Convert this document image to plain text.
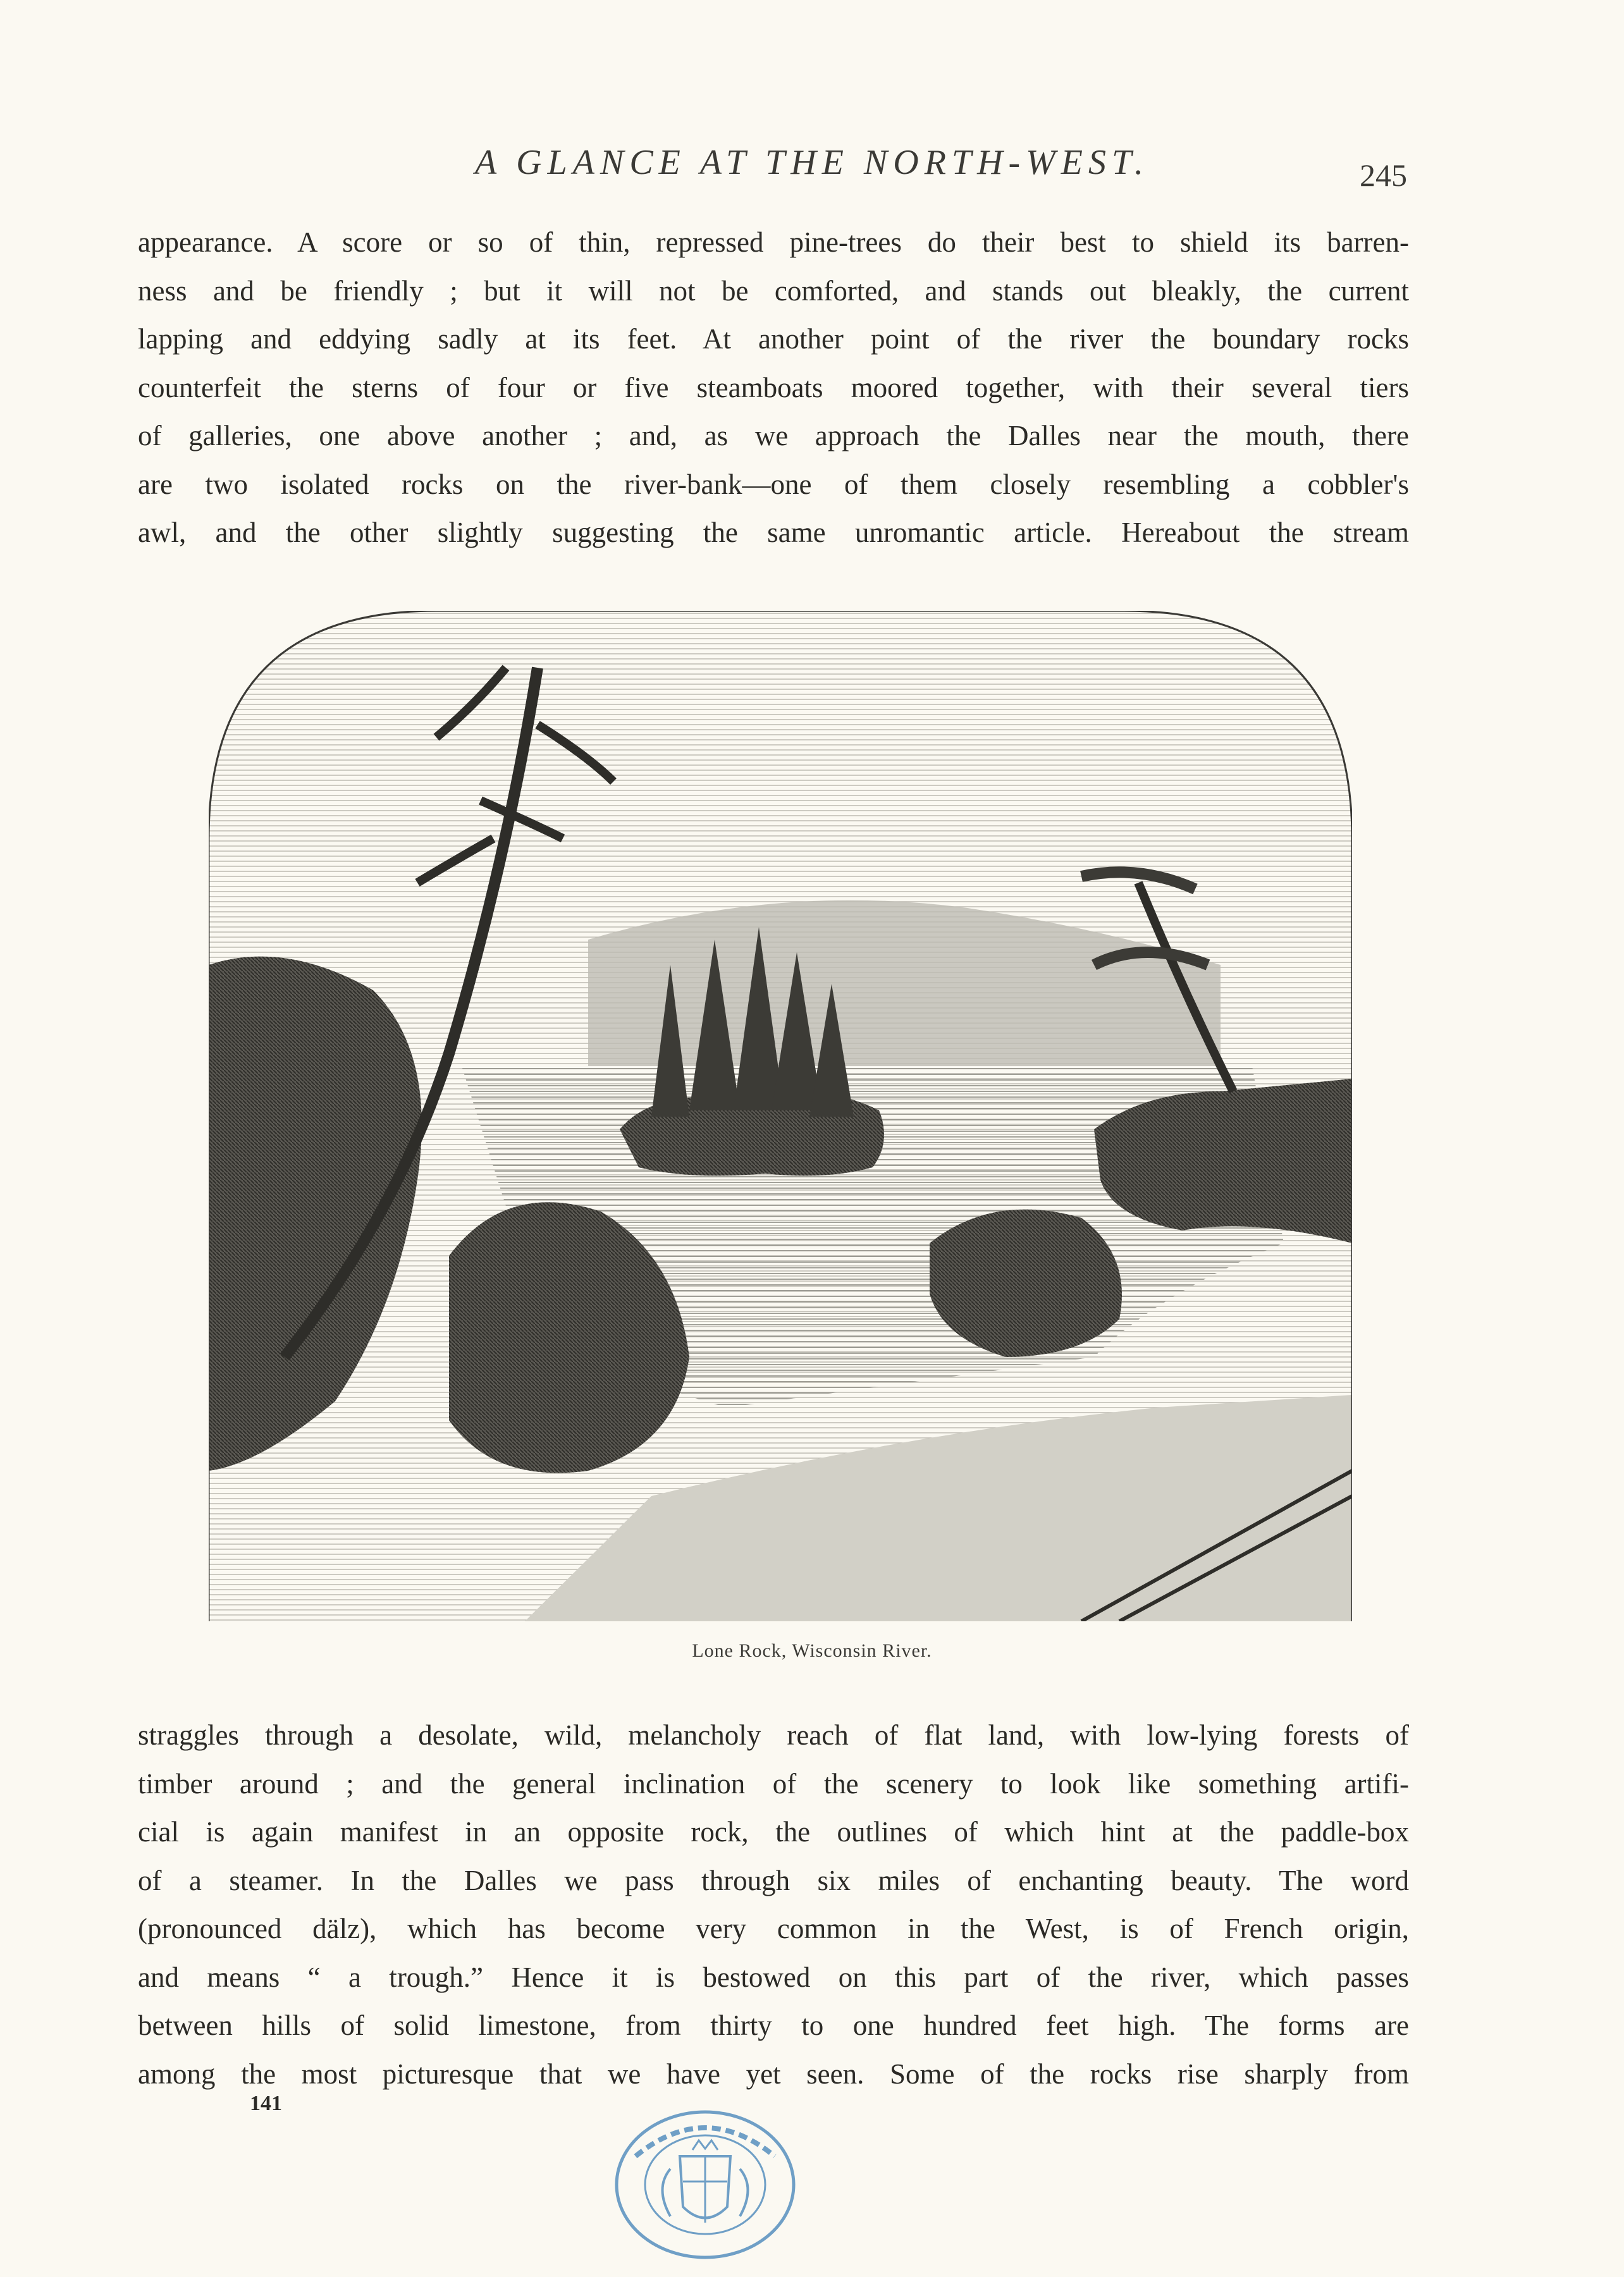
A GLANCE AT THE NORTH-WEST.	245
appearance. A score or so of thin, repressed pine-trees do their best to shield its barren-
ness and be friendly ; but it will not be comforted, and stands out bleakly, the current
lapping and eddying sadly at its feet. At another point of the river the boundary rocks
counterfeit the sterns of four or five steamboats moored together, with their several tiers
of galleries, one above another ; and, as we approach the Dalles near the mouth, there
are two isolated rocks on the river-bank—one of them closely resembling a cobbler's
awl, and the other slightly suggesting the same unromantic article. Hereabout the stream
Lone Rock, Wisconsin River.
straggles through a desolate, wild, melancholy reach of flat land, with low-lying forests of
timber around ; and the general inclination of the scenery to look like something artifi-
cial is again manifest in an opposite rock, the outlines of which hint at the paddle-box
of a steamer. In the Dalles we pass through six miles of enchanting beauty. The word
(pronounced dälz), which has become very common in the West, is of French origin,
and means “ a trough.” Hence it is bestowed on this part of the river, which passes
between hills of solid limestone, from thirty to one hundred feet high. The forms are
among the most picturesque that we have yet seen. Some of the rocks rise sharply from
141
